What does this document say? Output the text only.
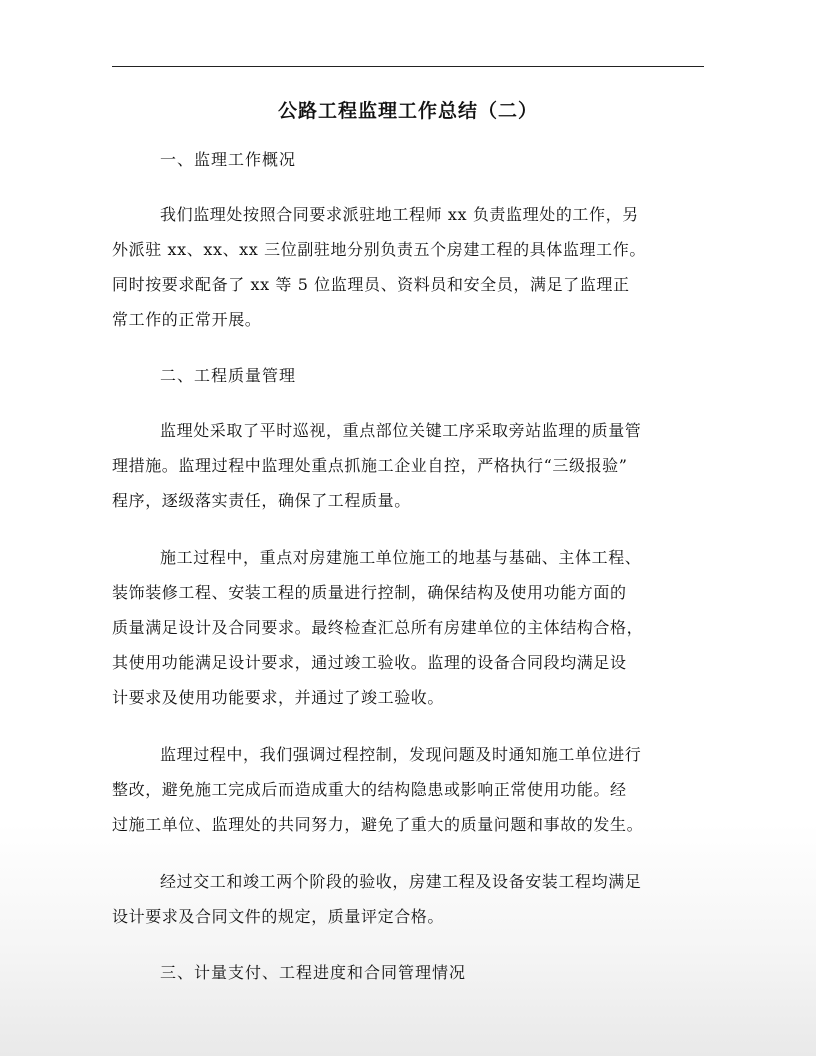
公路工程监理工作总结（二）

一、监理工作概况

我们监理处按照合同要求派驻地工程师 xx 负责监理处的工作，另
外派驻 xx、xx、xx 三位副驻地分别负责五个房建工程的具体监理工作。
同时按要求配备了 xx 等 5 位监理员、资料员和安全员，满足了监理正
常工作的正常开展。

二、工程质量管理

监理处采取了平时巡视，重点部位关键工序采取旁站监理的质量管
理措施。监理过程中监理处重点抓施工企业自控，严格执行“三级报验”
程序，逐级落实责任，确保了工程质量。
施工过程中，重点对房建施工单位施工的地基与基础、主体工程、
装饰装修工程、安装工程的质量进行控制，确保结构及使用功能方面的
质量满足设计及合同要求。最终检查汇总所有房建单位的主体结构合格，
其使用功能满足设计要求，通过竣工验收。监理的设备合同段均满足设
计要求及使用功能要求，并通过了竣工验收。
监理过程中，我们强调过程控制，发现问题及时通知施工单位进行
整改，避免施工完成后而造成重大的结构隐患或影响正常使用功能。经
过施工单位、监理处的共同努力，避免了重大的质量问题和事故的发生。
经过交工和竣工两个阶段的验收，房建工程及设备安装工程均满足
设计要求及合同文件的规定，质量评定合格。

三、计量支付、工程进度和合同管理情况
